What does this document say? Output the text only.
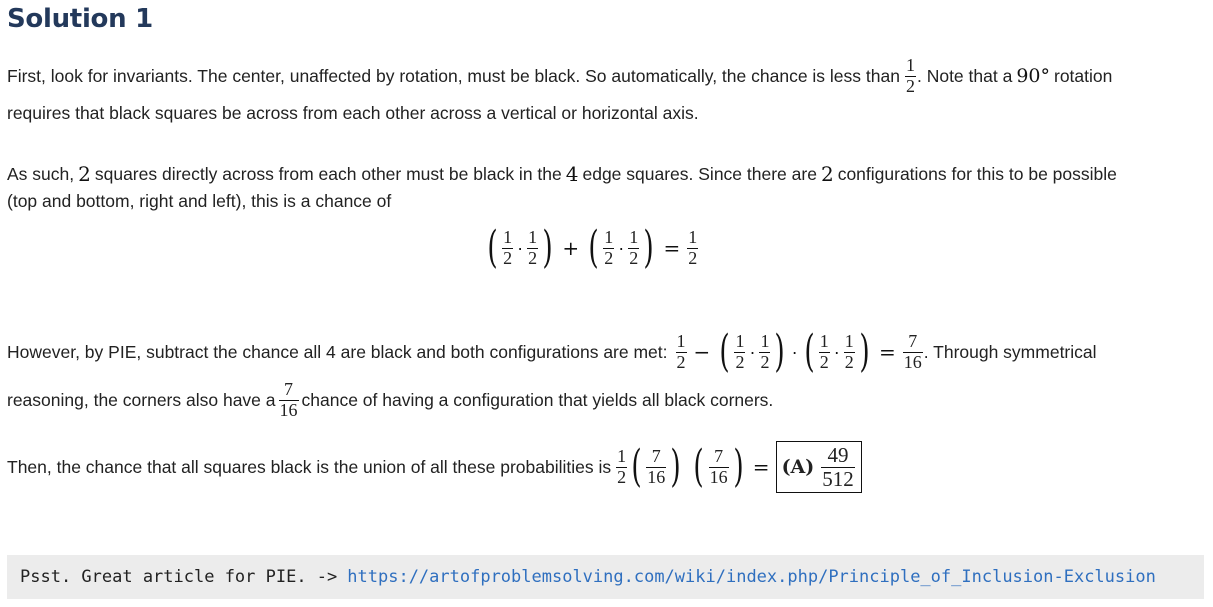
Solution 1
First, look for invariants. The center, unaffected by rotation, must be black. So automatically, the chance is less than $\frac{1}{2}$ . Note that a 90° rotation
requires that black squares be across from each other across a vertical or horizontal axis.
As such, 2 squares directly across from each other must be black in the 4 edge squares. Since there are 2 configurations for this to be possible
(top and bottom, right and left), this is a chance of
( $\frac{1}{2} \cdot \frac{1}{2}$ ) + ( $\frac{1}{2} \cdot \frac{1}{2}$ ) = $\frac{1}{2}$
However, by PIE, subtract the chance all 4 are black and both configurations are met: $\frac{1}{2}$ − ( $\frac{1}{2} \cdot \frac{1}{2}$ ) · ( $\frac{1}{2} \cdot \frac{1}{2}$ ) = $\frac{7}{16}$ . Through symmetrical
reasoning, the corners also have a $\frac{7}{16}$ chance of having a configuration that yields all black corners.
Then, the chance that all squares black is the union of all these probabilities is $\frac{1}{2}$ ( $\frac{7}{16}$ ) ( $\frac{7}{16}$ ) = $(A) \frac{49}{512}$
Psst. Great article for PIE. -> https://artofproblemsolving.com/wiki/index.php/Principle_of_Inclusion-Exclusion
